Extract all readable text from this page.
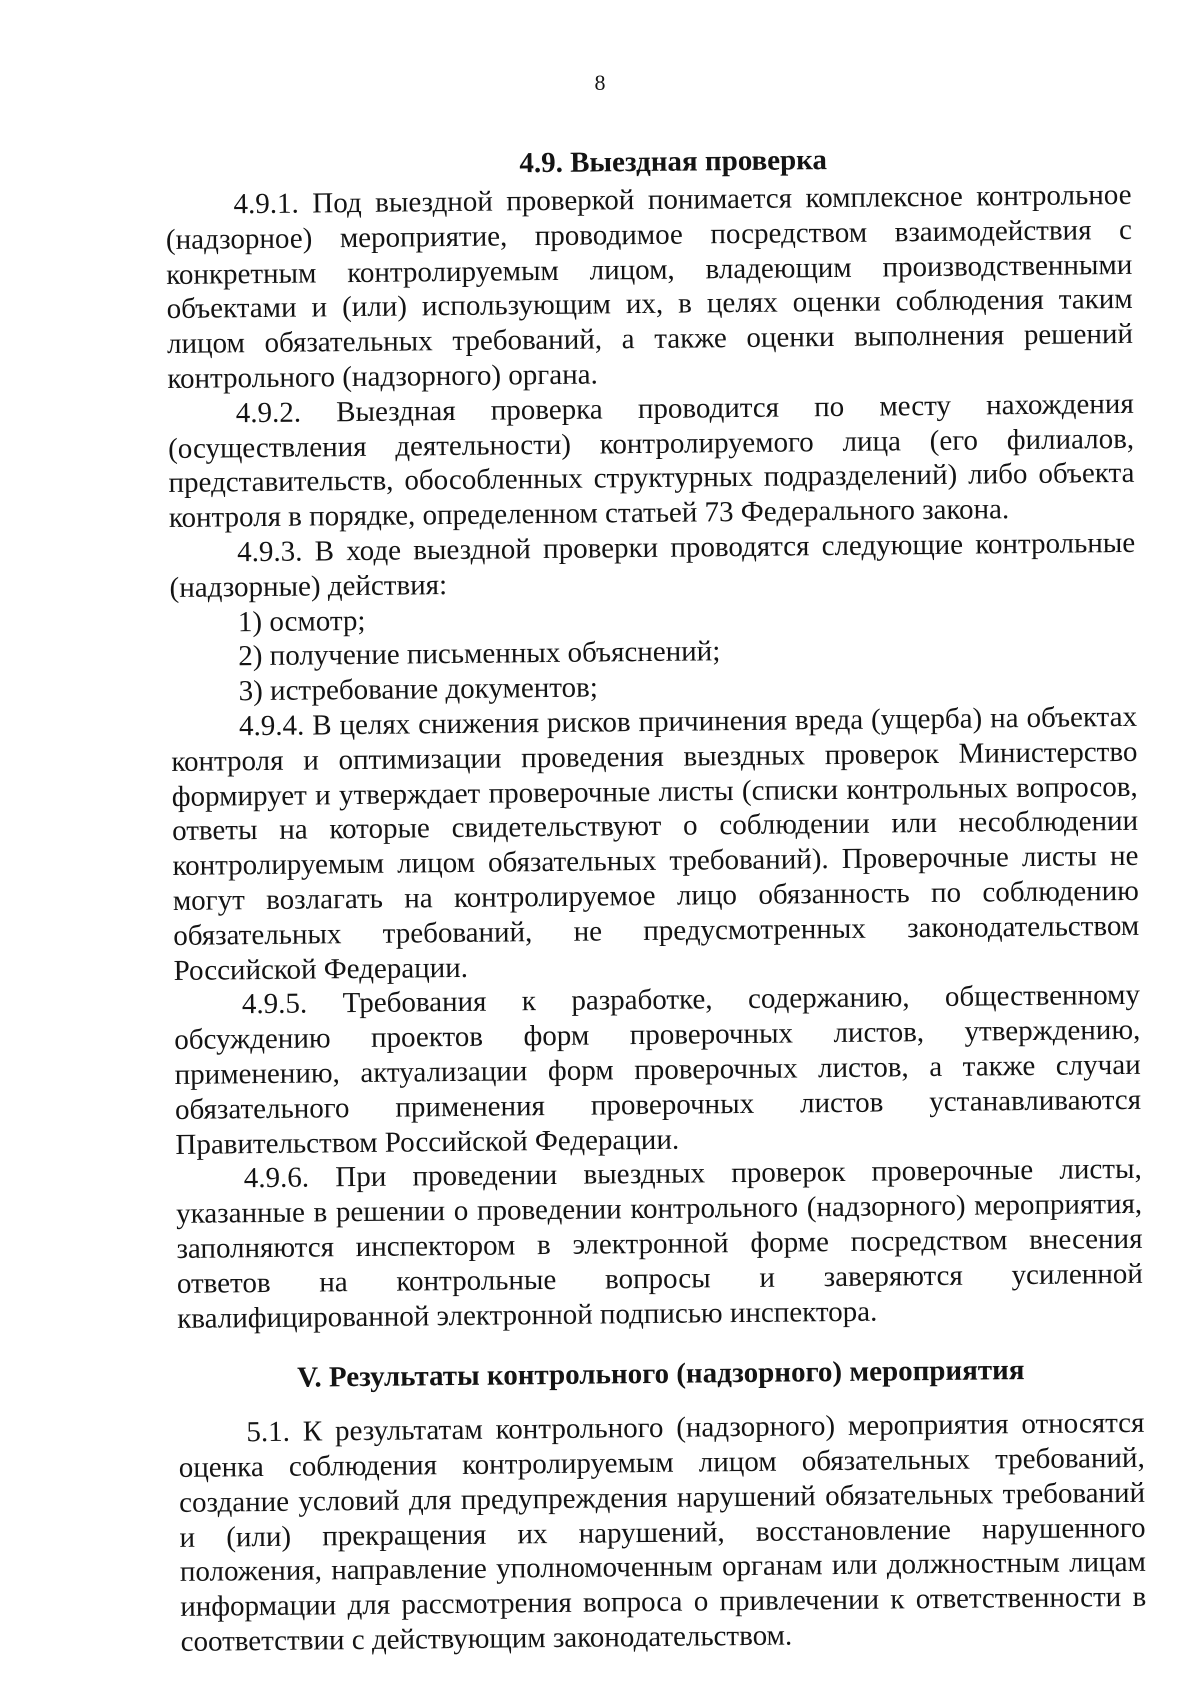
8
4.9. Выездная проверка

4.9.1. Под выездной проверкой понимается комплексное контрольное (надзорное) мероприятие, проводимое посредством взаимодействия с конкретным контролируемым лицом, владеющим производственными объектами и (или) использующим их, в целях оценки соблюдения таким лицом обязательных требований, а также оценки выполнения решений контрольного (надзорного) органа.

4.9.2. Выездная проверка проводится по месту нахождения (осуществления деятельности) контролируемого лица (его филиалов, представительств, обособленных структурных подразделений) либо объекта контроля в порядке, определенном статьей 73 Федерального закона.

4.9.3. В ходе выездной проверки проводятся следующие контрольные (надзорные) действия:

1) осмотр;

2) получение письменных объяснений;

3) истребование документов;

4.9.4. В целях снижения рисков причинения вреда (ущерба) на объектах контроля и оптимизации проведения выездных проверок Министерство формирует и утверждает проверочные листы (списки контрольных вопросов, ответы на которые свидетельствуют о соблюдении или несоблюдении контролируемым лицом обязательных требований). Проверочные листы не могут возлагать на контролируемое лицо обязанность по соблюдению обязательных требований, не предусмотренных законодательством Российской Федерации.

4.9.5. Требования к разработке, содержанию, общественному обсуждению проектов форм проверочных листов, утверждению, применению, актуализации форм проверочных листов, а также случаи обязательного применения проверочных листов устанавливаются Правительством Российской Федерации.

4.9.6. При проведении выездных проверок проверочные листы, указанные в решении о проведении контрольного (надзорного) мероприятия, заполняются инспектором в электронной форме посредством внесения ответов на контрольные вопросы и заверяются усиленной квалифицированной электронной подписью инспектора.

V. Результаты контрольного (надзорного) мероприятия

5.1. К результатам контрольного (надзорного) мероприятия относятся оценка соблюдения контролируемым лицом обязательных требований, создание условий для предупреждения нарушений обязательных требований и (или) прекращения их нарушений, восстановление нарушенного положения, направление уполномоченным органам или должностным лицам информации для рассмотрения вопроса о привлечении к ответственности в соответствии с действующим законодательством.
